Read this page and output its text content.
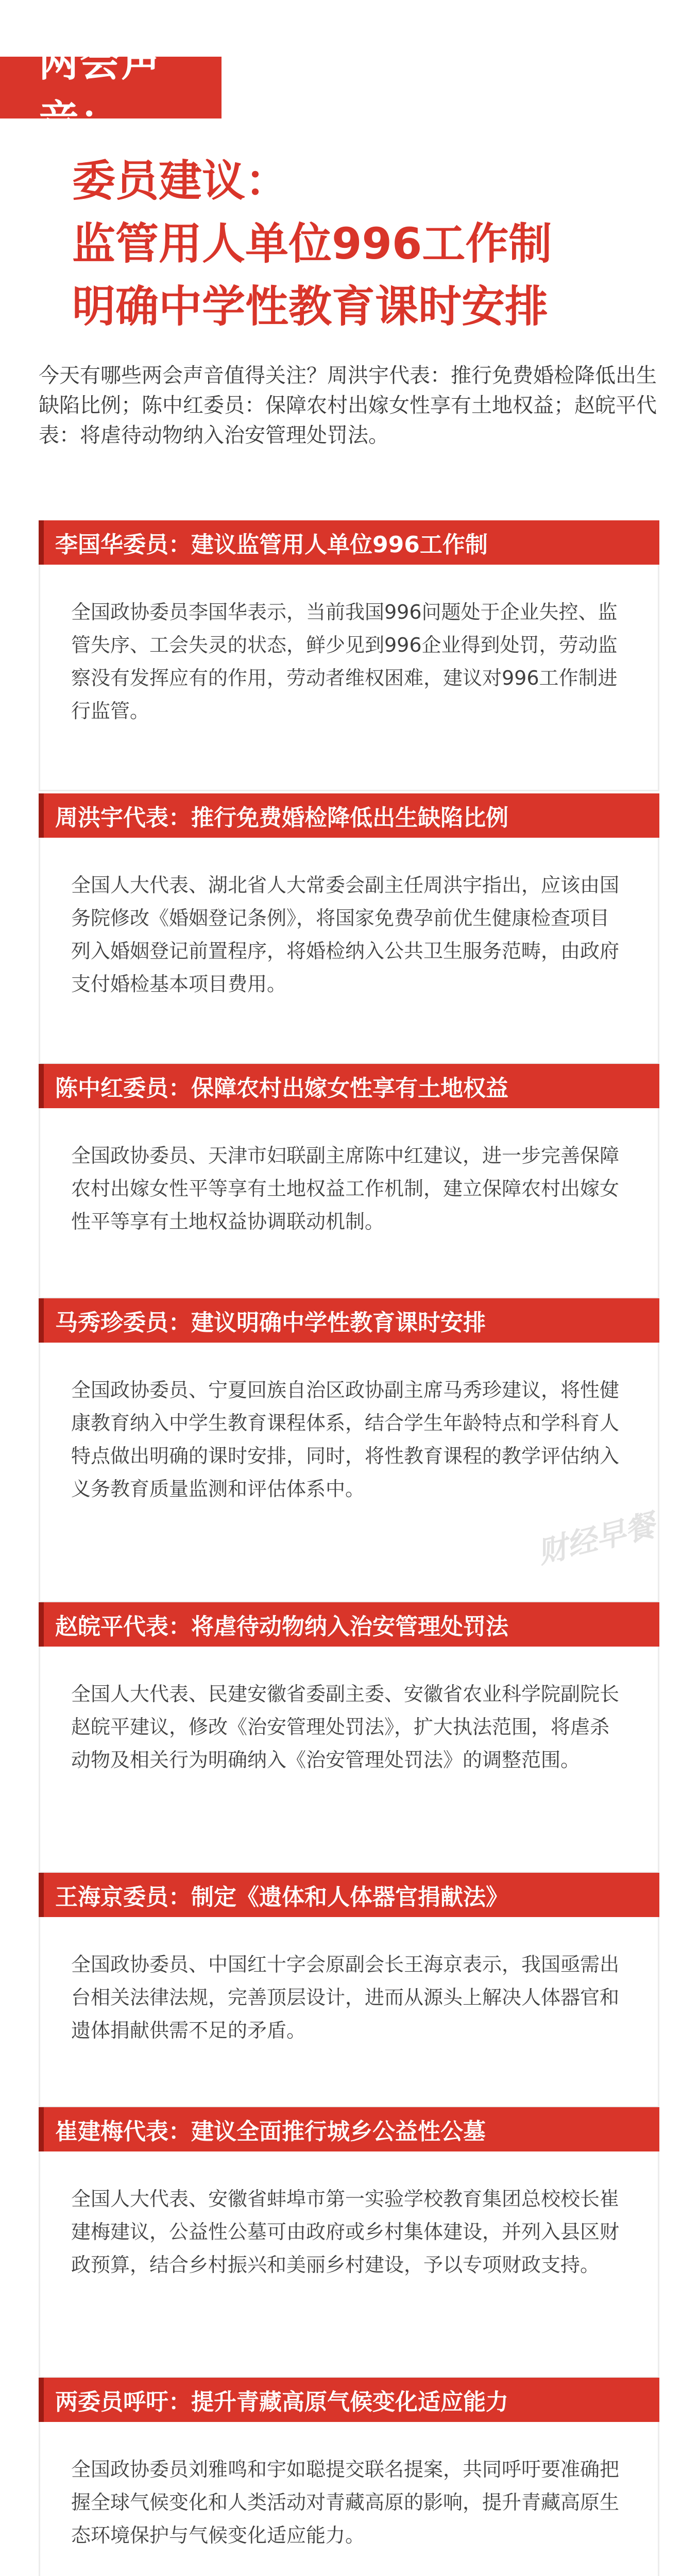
两会声音：
委员建议：
监管用人单位996工作制
明确中学性教育课时安排

今天有哪些两会声音值得关注？周洪宇代表：推行免费婚检降低出生缺陷比例；陈中红委员：保障农村出嫁女性享有土地权益；赵皖平代表：将虐待动物纳入治安管理处罚法。

李国华委员：建议监管用人单位996工作制
全国政协委员李国华表示，当前我国996问题处于企业失控、监管失序、工会失灵的状态，鲜少见到996企业得到处罚，劳动监察没有发挥应有的作用，劳动者维权困难，建议对996工作制进行监管。
周洪宇代表：推行免费婚检降低出生缺陷比例
全国人大代表、湖北省人大常委会副主任周洪宇指出，应该由国务院修改《婚姻登记条例》，将国家免费孕前优生健康检查项目列入婚姻登记前置程序，将婚检纳入公共卫生服务范畴，由政府支付婚检基本项目费用。
陈中红委员：保障农村出嫁女性享有土地权益
全国政协委员、天津市妇联副主席陈中红建议，进一步完善保障农村出嫁女性平等享有土地权益工作机制，建立保障农村出嫁女性平等享有土地权益协调联动机制。
马秀珍委员：建议明确中学性教育课时安排
全国政协委员、宁夏回族自治区政协副主席马秀珍建议，将性健康教育纳入中学生教育课程体系，结合学生年龄特点和学科育人特点做出明确的课时安排，同时，将性教育课程的教学评估纳入义务教育质量监测和评估体系中。
赵皖平代表：将虐待动物纳入治安管理处罚法
全国人大代表、民建安徽省委副主委、安徽省农业科学院副院长赵皖平建议，修改《治安管理处罚法》，扩大执法范围，将虐杀动物及相关行为明确纳入《治安管理处罚法》的调整范围。
王海京委员：制定《遗体和人体器官捐献法》
全国政协委员、中国红十字会原副会长王海京表示，我国亟需出台相关法律法规，完善顶层设计，进而从源头上解决人体器官和遗体捐献供需不足的矛盾。
崔建梅代表：建议全面推行城乡公益性公墓
全国人大代表、安徽省蚌埠市第一实验学校教育集团总校校长崔建梅建议，公益性公墓可由政府或乡村集体建设，并列入县区财政预算，结合乡村振兴和美丽乡村建设，予以专项财政支持。
两委员呼吁：提升青藏高原气候变化适应能力
全国政协委员刘雅鸣和宇如聪提交联名提案，共同呼吁要准确把握全球气候变化和人类活动对青藏高原的影响，提升青藏高原生态环境保护与气候变化适应能力。
财经早餐
